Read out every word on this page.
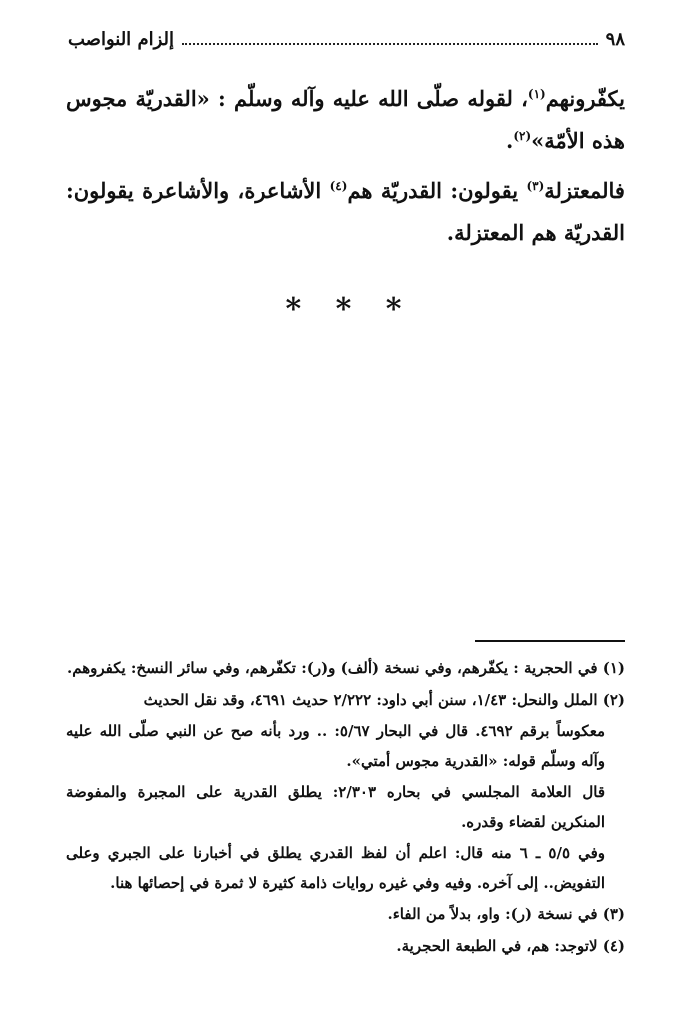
٩٨
إلزام النواصب

يكفّرونهم$^{(١)}$، لقوله صلّى الله عليه وآله وسلّم : «القدريّة مجوس هذه الأمّة»$^{(٢)}$.

فالمعتزلة$^{(٣)}$ يقولون: القدريّة هم$^{(٤)}$ الأشاعرة، والأشاعرة يقولون: القدريّة هم المعتزلة.

* * *

(١) في الحجرية : يكفّرهم، وفي نسخة (ألف) و(ر): تكفّرهم، وفي سائر النسخ: يكفروهم.

(٢) الملل والنحل: ١/٤٣، سنن أبي داود: ٢/٢٢٢ حديث ٤٦٩١، وقد نقل الحديث

معكوساً برقم ٤٦٩٢. قال في البحار ٥/٦٧: .. ورد بأنه صح عن النبي صلّى الله عليه وآله وسلّم قوله: «القدرية مجوس أمتي».

قال العلامة المجلسي في بحاره ٢/٣٠٣: يطلق القدرية على المجبرة والمفوضة المنكرين لقضاء وقدره.

وفي ٥/٥ ـ ٦ منه قال: اعلم أن لفظ القدري يطلق في أخبارنا على الجبري وعلى التفويض.. إلى آخره. وفيه وفي غيره روايات ذامة كثيرة لا ثمرة في إحصائها هنا.

(٣) في نسخة (ر): واو، بدلاً من الفاء.

(٤) لاتوجد: هم، في الطبعة الحجرية.
